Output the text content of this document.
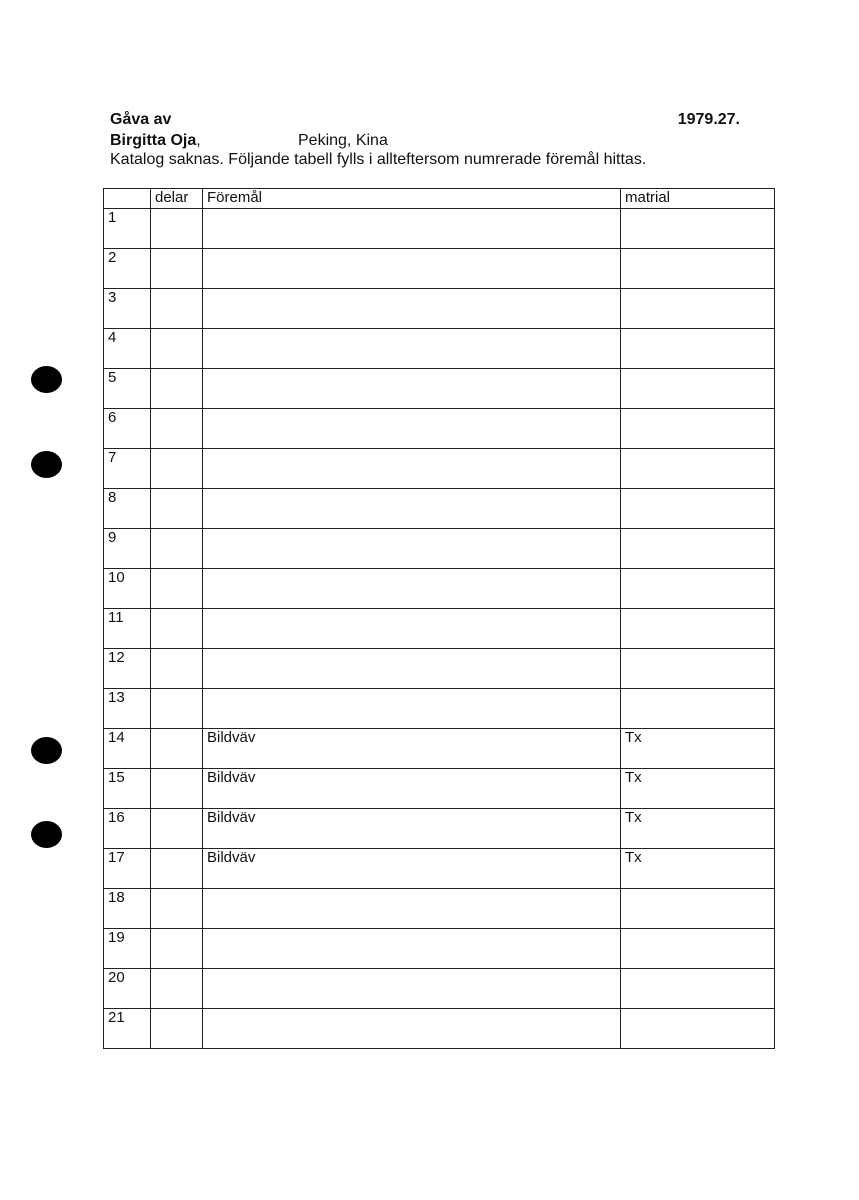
Gåva av	1979.27.
Birgitta Oja,	Peking, Kina
Katalog saknas. Följande tabell fylls i allteftersom numrerade föremål hittas.
	delar	Föremål	matrial
1			
2			
3			
4			
5			
6			
7			
8			
9			
10			
11			
12			
13			
14		Bildväv	Tx
15		Bildväv	Tx
16		Bildväv	Tx
17		Bildväv	Tx
18			
19			
20			
21			
